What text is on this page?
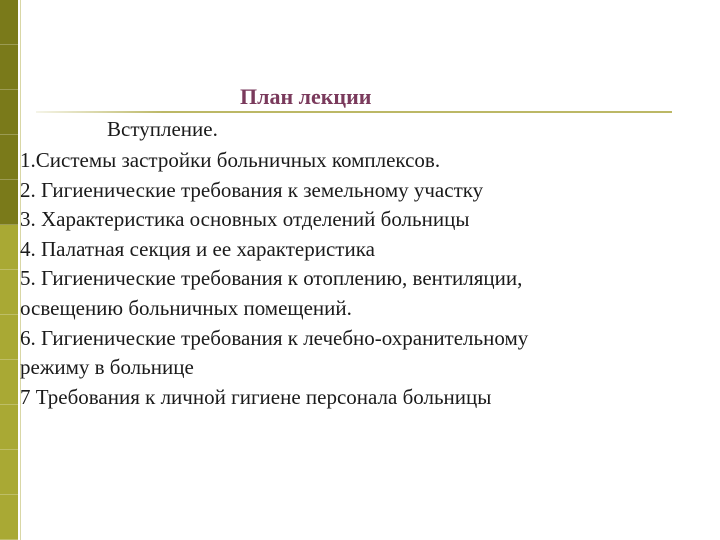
План лекции
Вступление.
1.Системы застройки больничных комплексов.
2. Гигиенические требования к земельному участку
3. Характеристика основных отделений больницы
4. Палатная секция и ее характеристика
5. Гигиенические требования к отоплению, вентиляции,
освещению больничных помещений.
6. Гигиенические требования к лечебно-охранительному
режиму в больнице
7 Требования к личной гигиене персонала больницы
